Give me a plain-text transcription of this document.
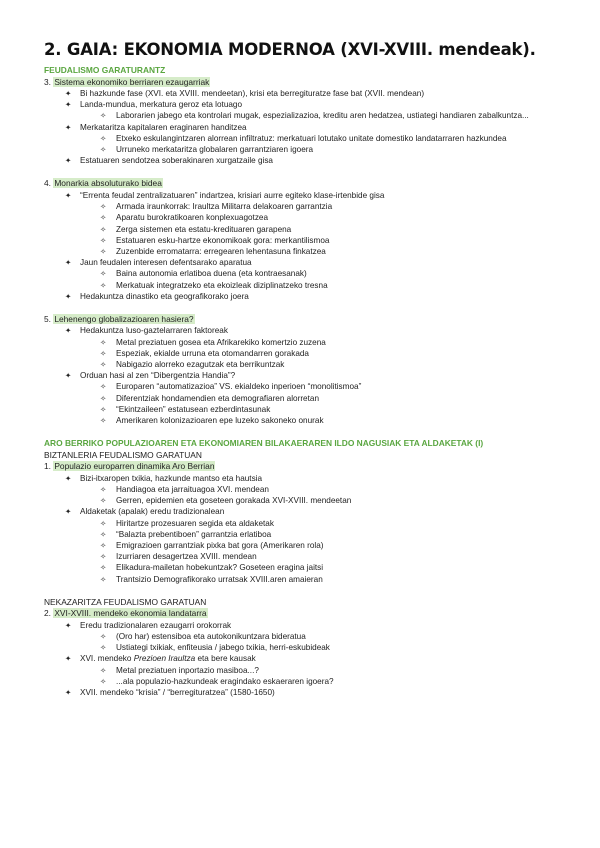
2. GAIA: EKONOMIA MODERNOA (XVI-XVIII. mendeak).
FEUDALISMO GARATURANTZ
3. Sistema ekonomiko berriaren ezaugarriak
✦ Bi hazkunde fase (XVI. eta XVIII. mendeetan), krisi eta berregituratze fase bat (XVII. mendean)
✦ Landa-mundua, merkatura geroz eta lotuago
✧ Laborarien jabego eta kontrolari mugak, espezializazioa, kreditu aren hedatzea, ustiategi handiaren zabalkuntza...
✦ Merkataritza kapitalaren eraginaren handitzea
✧ Etxeko eskulangintzaren alorrean infiltratuz: merkatuari lotutako unitate domestiko landatarraren hazkundea
✧ Urruneko merkataritza globalaren garrantziaren igoera
✦ Estatuaren sendotzea soberakinaren xurgatzaile gisa
4. Monarkia absoluturako bidea
✦ “Errenta feudal zentralizatuaren” indartzea, krisiari aurre egiteko klase-irtenbide gisa
✧ Armada iraunkorrak: Iraultza Militarra delakoaren garrantzia
✧ Aparatu burokratikoaren konplexuagotzea
✧ Zerga sistemen eta estatu-kredituaren garapena
✧ Estatuaren esku-hartze ekonomikoak gora: merkantilismoa
✧ Zuzenbide erromatarra: erregearen lehentasuna finkatzea
✦ Jaun feudalen interesen defentsarako aparatua
✧ Baina autonomia erlatiboa duena (eta kontraesanak)
✧ Merkatuak integratzeko eta ekoizleak diziplinatzeko tresna
✦ Hedakuntza dinastiko eta geografikorako joera
5. Lehenengo globalizazioaren hasiera?
✦ Hedakuntza luso-gaztelarraren faktoreak
✧ Metal preziatuen gosea eta Afrikarekiko komertzio zuzena
✧ Espeziak, ekialde urruna eta otomandarren gorakada
✧ Nabigazio alorreko ezagutzak eta berrikuntzak
✦ Orduan hasi al zen “Dibergentzia Handia”?
✧ Europaren “automatizazioa” VS. ekialdeko inperioen “monolitismoa”
✧ Diferentziak hondamendien eta demografiaren alorretan
✧ “Ekintzaileen” estatusean ezberdintasunak
✧ Amerikaren kolonizazioaren epe luzeko sakoneko onurak
ARO BERRIKO POPULAZIOAREN ETA EKONOMIAREN BILAKAERAREN ILDO NAGUSIAK ETA ALDAKETAK (I)
BIZTANLERIA FEUDALISMO GARATUAN
1. Populazio europarren dinamika Aro Berrian
✦ Bizi-itxaropen txikia, hazkunde mantso eta hautsia
✧ Handiagoa eta jarraituagoa XVI. mendean
✧ Gerren, epidemien eta goseteen gorakada XVI-XVIII. mendeetan
✦ Aldaketak (apalak) eredu tradizionalean
✧ Hiritartze prozesuaren segida eta aldaketak
✧ “Balazta prebentiboen” garrantzia erlatiboa
✧ Emigrazioen garrantziak pixka bat gora (Amerikaren rola)
✧ Izurriaren desagertzea XVIII. mendean
✧ Elikadura-mailetan hobekuntzak? Goseteen eragina jaitsi
✧ Trantsizio Demografikorako urratsak XVIII.aren amaieran
NEKAZARITZA FEUDALISMO GARATUAN
2. XVI-XVIII. mendeko ekonomia landatarra
✦ Eredu tradizionalaren ezaugarri orokorrak
✧ (Oro har) estensiboa eta autokonikuntzara bideratua
✧ Ustiategi txikiak, enfiteusia / jabego txikia, herri-eskubideak
✦ XVI. mendeko Prezioen Iraultza eta bere kausak
✧ Metal preziatuen inportazio masiboa...?
✧ ...ala populazio-hazkundeak eragindako eskaeraren igoera?
✦ XVII. mendeko “krisia” / “berregituratzea” (1580-1650)
